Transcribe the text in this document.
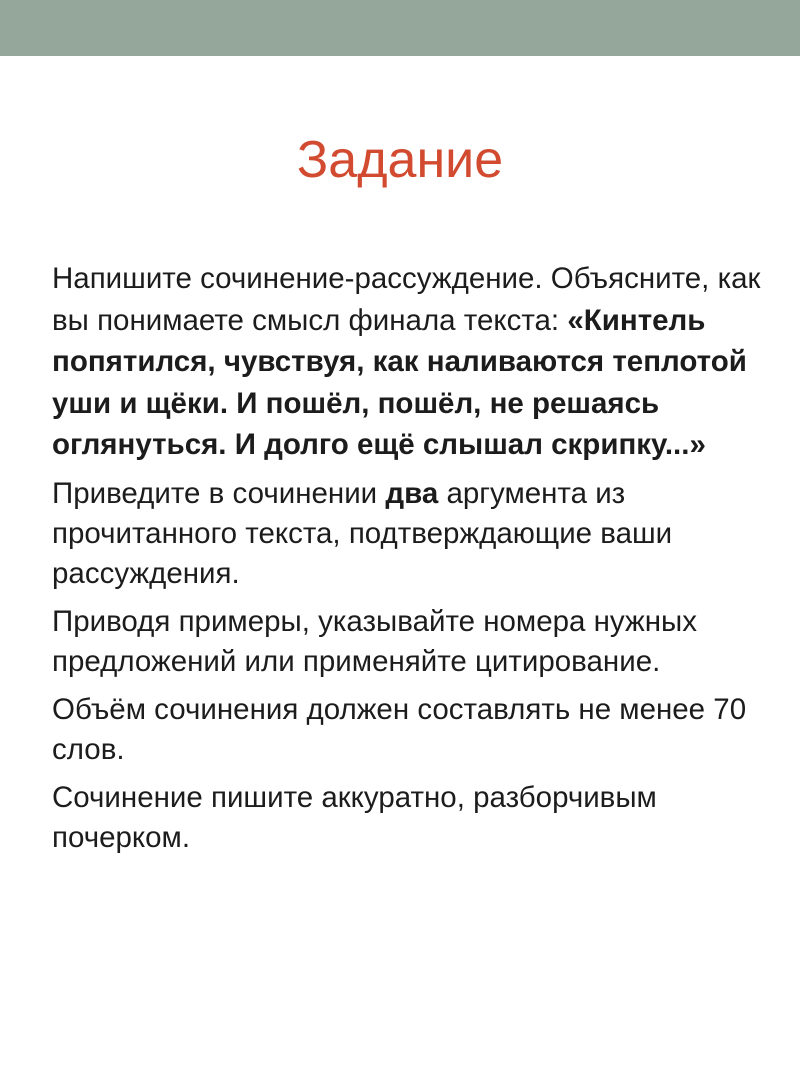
Задание

Напишите сочинение-рассуждение. Объясните, как вы понимаете смысл финала текста: «Кинтель попятился, чувствуя, как наливаются теплотой уши и щёки. И пошёл, пошёл, не решаясь оглянуться. И долго ещё слышал скрипку...»

Приведите в сочинении два аргумента из прочитанного текста, подтверждающие ваши рассуждения.

Приводя примеры, указывайте номера нужных предложений или применяйте цитирование.

Объём сочинения должен составлять не менее 70 слов.

Сочинение пишите аккуратно, разборчивым почерком.
